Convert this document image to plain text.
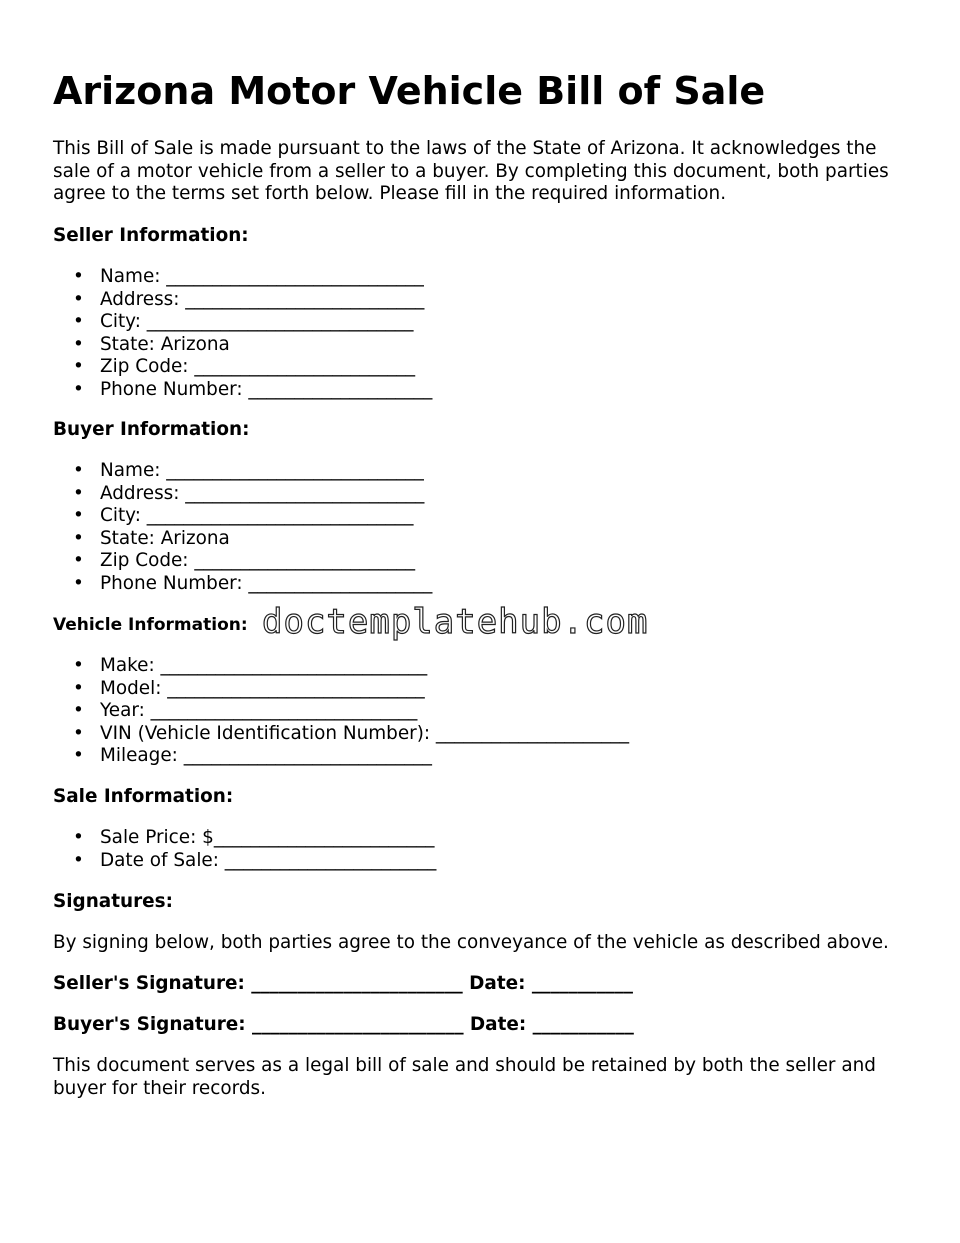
Arizona Motor Vehicle Bill of Sale

This Bill of Sale is made pursuant to the laws of the State of Arizona. It acknowledges the sale of a motor vehicle from a seller to a buyer. By completing this document, both parties agree to the terms set forth below. Please fill in the required information.

Seller Information:

• Name: ____________________________
• Address: __________________________
• City: _____________________________
• State: Arizona
• Zip Code: ________________________
• Phone Number: ____________________

Buyer Information:

• Name: ____________________________
• Address: __________________________
• City: _____________________________
• State: Arizona
• Zip Code: ________________________
• Phone Number: ____________________

Vehicle Information:

• Make: _____________________________
• Model: ____________________________
• Year: _____________________________
• VIN (Vehicle Identification Number): _____________________
• Mileage: ___________________________

Sale Information:

• Sale Price: $________________________
• Date of Sale: _______________________

Signatures:

By signing below, both parties agree to the conveyance of the vehicle as described above.

Seller's Signature: _______________________ Date: ___________

Buyer's Signature: _______________________ Date: ___________

This document serves as a legal bill of sale and should be retained by both the seller and buyer for their records.

doctemplatehub.com
